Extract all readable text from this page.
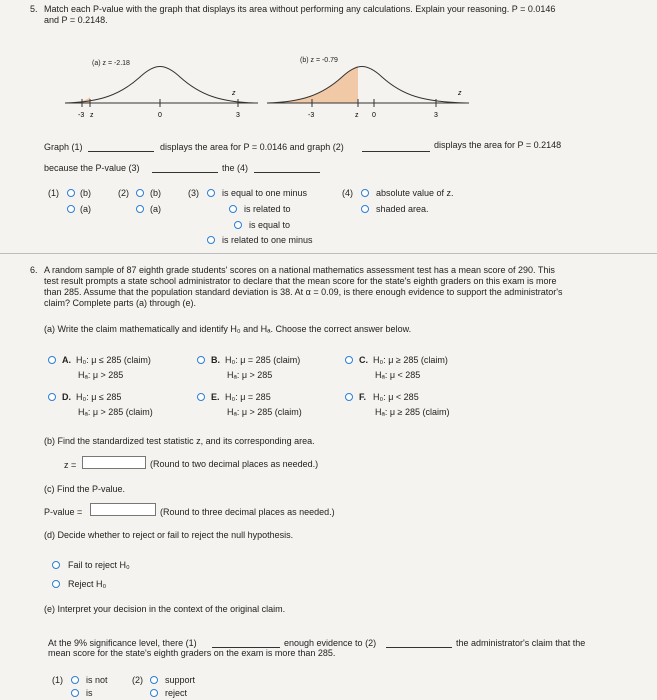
5. Match each P-value with the graph that displays its area without performing any calculations. Explain your reasoning. P = 0.0146
and P = 0.2148.
-3 z	0	3
z
(a) z = -2.18
-3	z 0	3
z
(b) z = -0.79
Graph (1)	displays the area for P = 0.0146 and graph (2)	displays the area for P = 0.2148
because the P-value (3)	the (4)
(1) (b)
(a)
(2) (b)
(a)
(3)	is equal to one minus
is related to
is equal to
is related to one minus
(4)	absolute value of z.
shaded area.
6. A random sample of 87 eighth grade students' scores on a national mathematics assessment test has a mean score of 290. This
test result prompts a state school administrator to declare that the mean score for the state's eighth graders on this exam is more
than 285. Assume that the population standard deviation is 38. At α = 0.09, is there enough evidence to support the administrator's
claim? Complete parts (a) through (e).
(a) Write the claim mathematically and identify H₀ and Hₐ. Choose the correct answer below.
A. H₀: μ ≤ 285 (claim)
Hₐ: μ > 285
B. H₀: μ = 285 (claim)
Hₐ: μ > 285
C. H₀: μ ≥ 285 (claim)
Hₐ: μ < 285
D. H₀: μ ≤ 285
Hₐ: μ > 285 (claim)
E. H₀: μ = 285
Hₐ: μ > 285 (claim)
F. H₀: μ < 285
Hₐ: μ ≥ 285 (claim)
(b) Find the standardized test statistic z, and its corresponding area.
z =	(Round to two decimal places as needed.)
(c) Find the P-value.
P-value =	(Round to three decimal places as needed.)
(d) Decide whether to reject or fail to reject the null hypothesis.
Fail to reject H₀
Reject H₀
(e) Interpret your decision in the context of the original claim.
At the 9% significance level, there (1)	enough evidence to (2)	the administrator's claim that the
mean score for the state's eighth graders on the exam is more than 285.
(1)	is not
is
(2) support
reject
